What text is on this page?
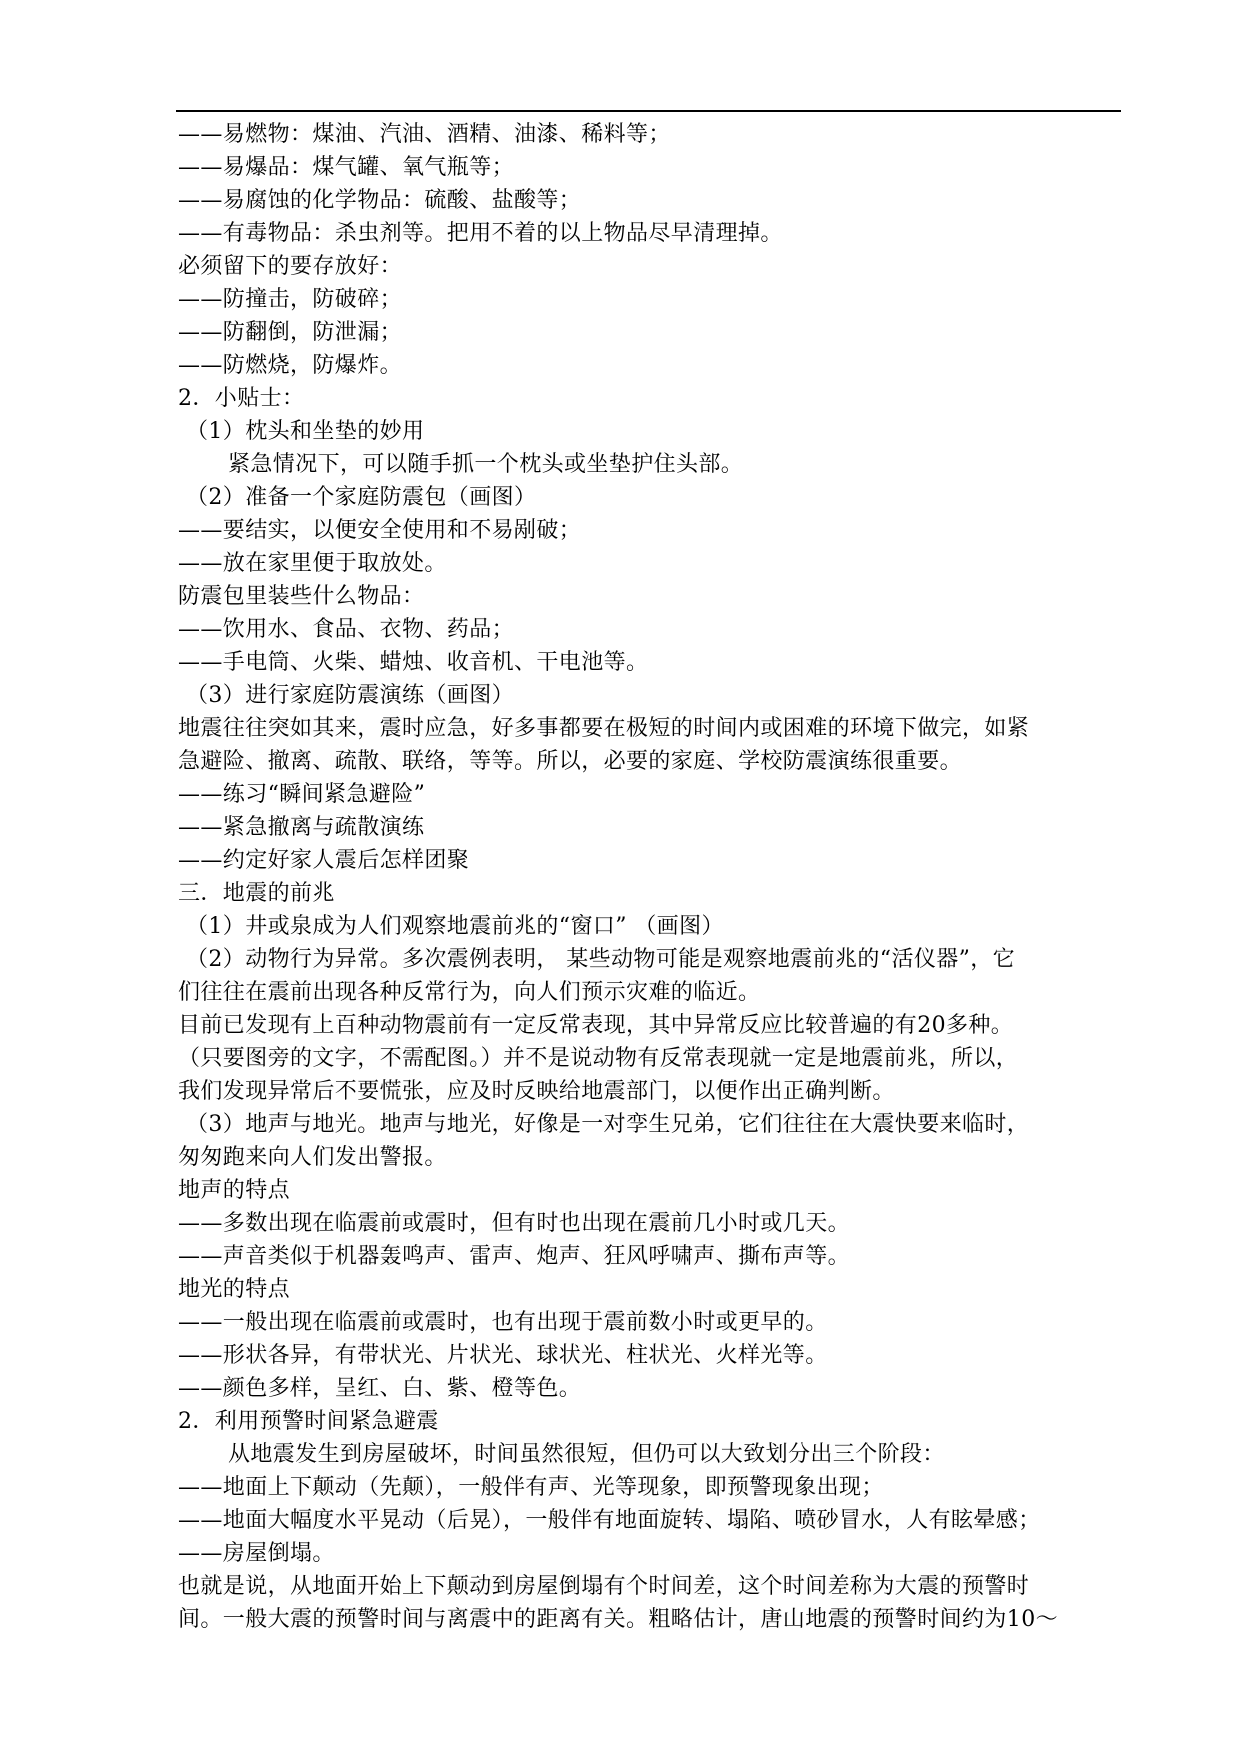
——易燃物：煤油、汽油、酒精、油漆、稀料等；
——易爆品：煤气罐、氧气瓶等；
——易腐蚀的化学物品：硫酸、盐酸等；
——有毒物品：杀虫剂等。把用不着的以上物品尽早清理掉。
必须留下的要存放好：
——防撞击，防破碎；
——防翻倒，防泄漏；
——防燃烧，防爆炸。
2．小贴士：
（1）枕头和坐垫的妙用
紧急情况下，可以随手抓一个枕头或坐垫护住头部。
（2）准备一个家庭防震包（画图）
——要结实，以便安全使用和不易剐破；
——放在家里便于取放处。
防震包里装些什么物品：
——饮用水、食品、衣物、药品；
——手电筒、火柴、蜡烛、收音机、干电池等。
（3）进行家庭防震演练（画图）
地震往往突如其来，震时应急，好多事都要在极短的时间内或困难的环境下做完，如紧
急避险、撤离、疏散、联络，等等。所以，必要的家庭、学校防震演练很重要。
——练习“瞬间紧急避险”
——紧急撤离与疏散演练
——约定好家人震后怎样团聚
三．地震的前兆
（1）井或泉成为人们观察地震前兆的“窗口” （画图）
（2）动物行为异常。多次震例表明， 某些动物可能是观察地震前兆的“活仪器”，它
们往往在震前出现各种反常行为，向人们预示灾难的临近。
目前已发现有上百种动物震前有一定反常表现，其中异常反应比较普遍的有20多种。
（只要图旁的文字，不需配图。）并不是说动物有反常表现就一定是地震前兆，所以，
我们发现异常后不要慌张，应及时反映给地震部门，以便作出正确判断。
（3）地声与地光。地声与地光，好像是一对孪生兄弟，它们往往在大震快要来临时，
匆匆跑来向人们发出警报。
地声的特点
——多数出现在临震前或震时，但有时也出现在震前几小时或几天。
——声音类似于机器轰鸣声、雷声、炮声、狂风呼啸声、撕布声等。
地光的特点
——一般出现在临震前或震时，也有出现于震前数小时或更早的。
——形状各异，有带状光、片状光、球状光、柱状光、火样光等。
——颜色多样，呈红、白、紫、橙等色。
2．利用预警时间紧急避震
从地震发生到房屋破坏，时间虽然很短，但仍可以大致划分出三个阶段：
——地面上下颠动（先颠），一般伴有声、光等现象，即预警现象出现；
——地面大幅度水平晃动（后晃），一般伴有地面旋转、塌陷、喷砂冒水，人有眩晕感；
——房屋倒塌。
也就是说，从地面开始上下颠动到房屋倒塌有个时间差，这个时间差称为大震的预警时
间。一般大震的预警时间与离震中的距离有关。粗略估计，唐山地震的预警时间约为10～
